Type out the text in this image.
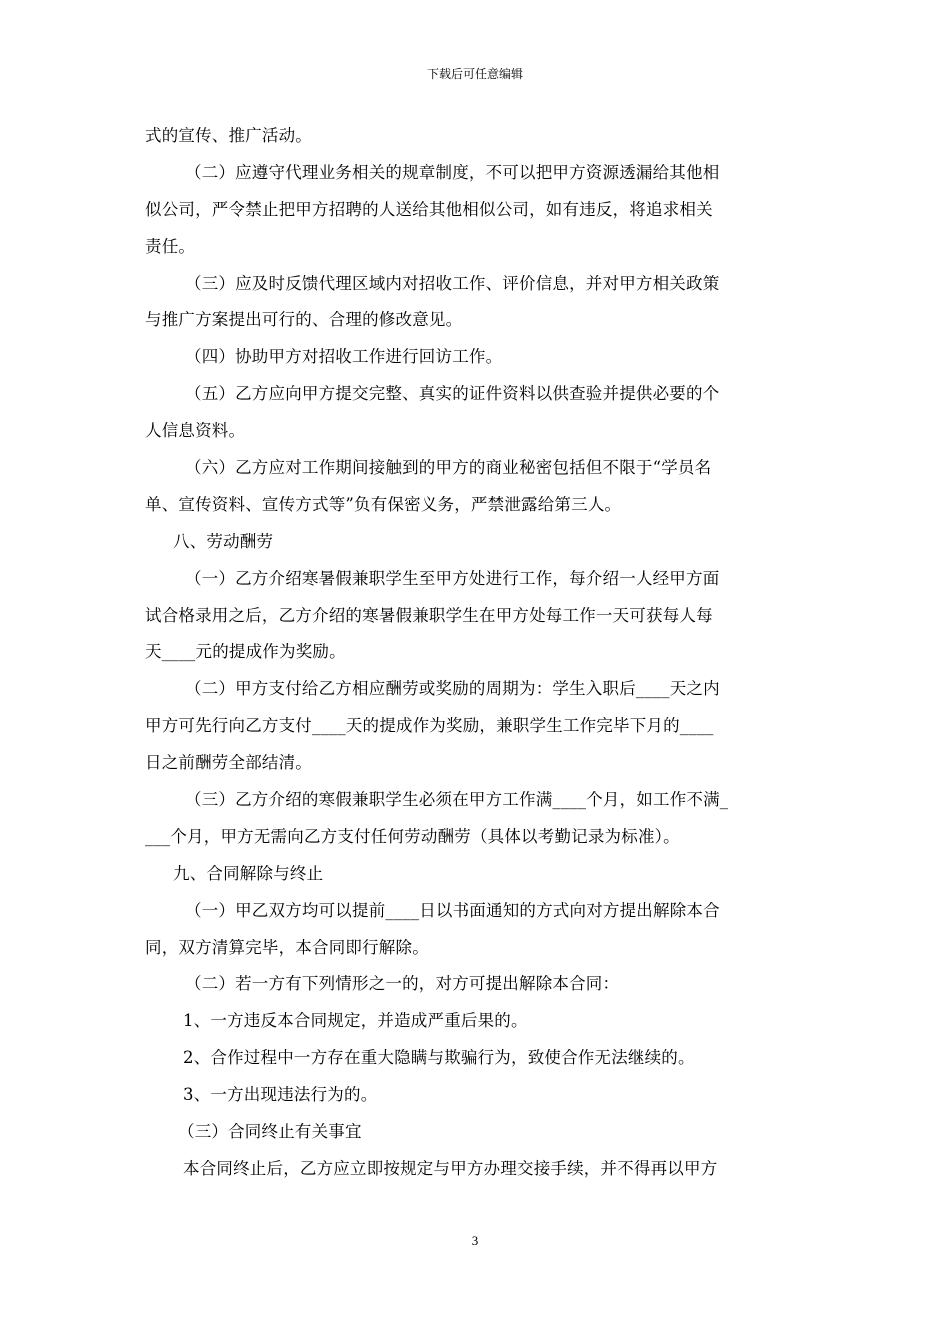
下载后可任意编辑
式的宣传、推广活动。
（二）应遵守代理业务相关的规章制度，不可以把甲方资源透漏给其他相
似公司，严令禁止把甲方招聘的人送给其他相似公司，如有违反，将追求相关
责任。
（三）应及时反馈代理区域内对招收工作、评价信息，并对甲方相关政策
与推广方案提出可行的、合理的修改意见。
（四）协助甲方对招收工作进行回访工作。
（五）乙方应向甲方提交完整、真实的证件资料以供查验并提供必要的个
人信息资料。
（六）乙方应对工作期间接触到的甲方的商业秘密包括但不限于“学员名
单、宣传资料、宣传方式等”负有保密义务，严禁泄露给第三人。
八、劳动酬劳
（一）乙方介绍寒暑假兼职学生至甲方处进行工作，每介绍一人经甲方面
试合格录用之后，乙方介绍的寒暑假兼职学生在甲方处每工作一天可获每人每
天____元的提成作为奖励。
（二）甲方支付给乙方相应酬劳或奖励的周期为：学生入职后____天之内
甲方可先行向乙方支付____天的提成作为奖励，兼职学生工作完毕下月的____
日之前酬劳全部结清。
（三）乙方介绍的寒假兼职学生必须在甲方工作满____个月，如工作不满_
___个月，甲方无需向乙方支付任何劳动酬劳（具体以考勤记录为标准）。
九、合同解除与终止
（一）甲乙双方均可以提前____日以书面通知的方式向对方提出解除本合
同，双方清算完毕，本合同即行解除。
（二）若一方有下列情形之一的，对方可提出解除本合同：
1、一方违反本合同规定，并造成严重后果的。
2、合作过程中一方存在重大隐瞒与欺骗行为，致使合作无法继续的。
3、一方出现违法行为的。
（三）合同终止有关事宜
本合同终止后，乙方应立即按规定与甲方办理交接手续，并不得再以甲方
3
